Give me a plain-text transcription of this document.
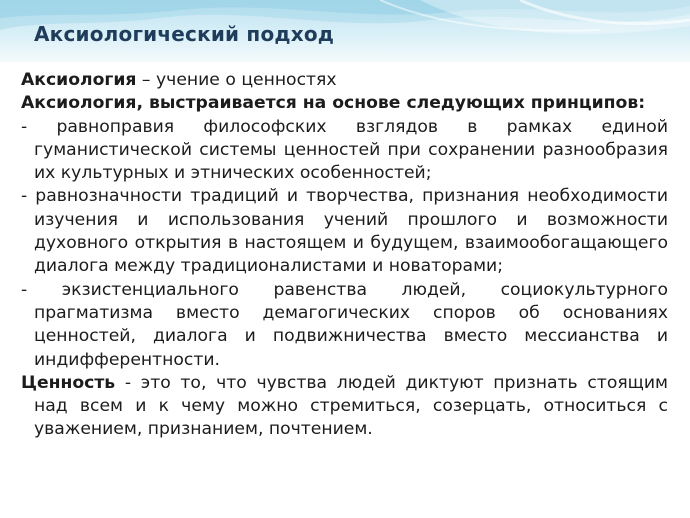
Аксиологический подход

Аксиология – учение о ценностях

Аксиология, выстраивается на основе следующих принципов:

- равноправия философских взглядов в рамках единой гуманистической системы ценностей при сохранении разнообразия их культурных и этнических особенностей;

- равнозначности традиций и творчества, признания необходимости изучения и использования учений прошлого и возможности духовного открытия в настоящем и будущем, взаимообогащающего диалога между традиционалистами и новаторами;

- экзистенциального равенства людей, социокультурного прагматизма вместо демагогических споров об основаниях ценностей, диалога и подвижничества вместо мессианства и индифферентности.

Ценность - это то, что чувства людей диктуют признать стоящим над всем и к чему можно стремиться, созерцать, относиться с уважением, признанием, почтением.
